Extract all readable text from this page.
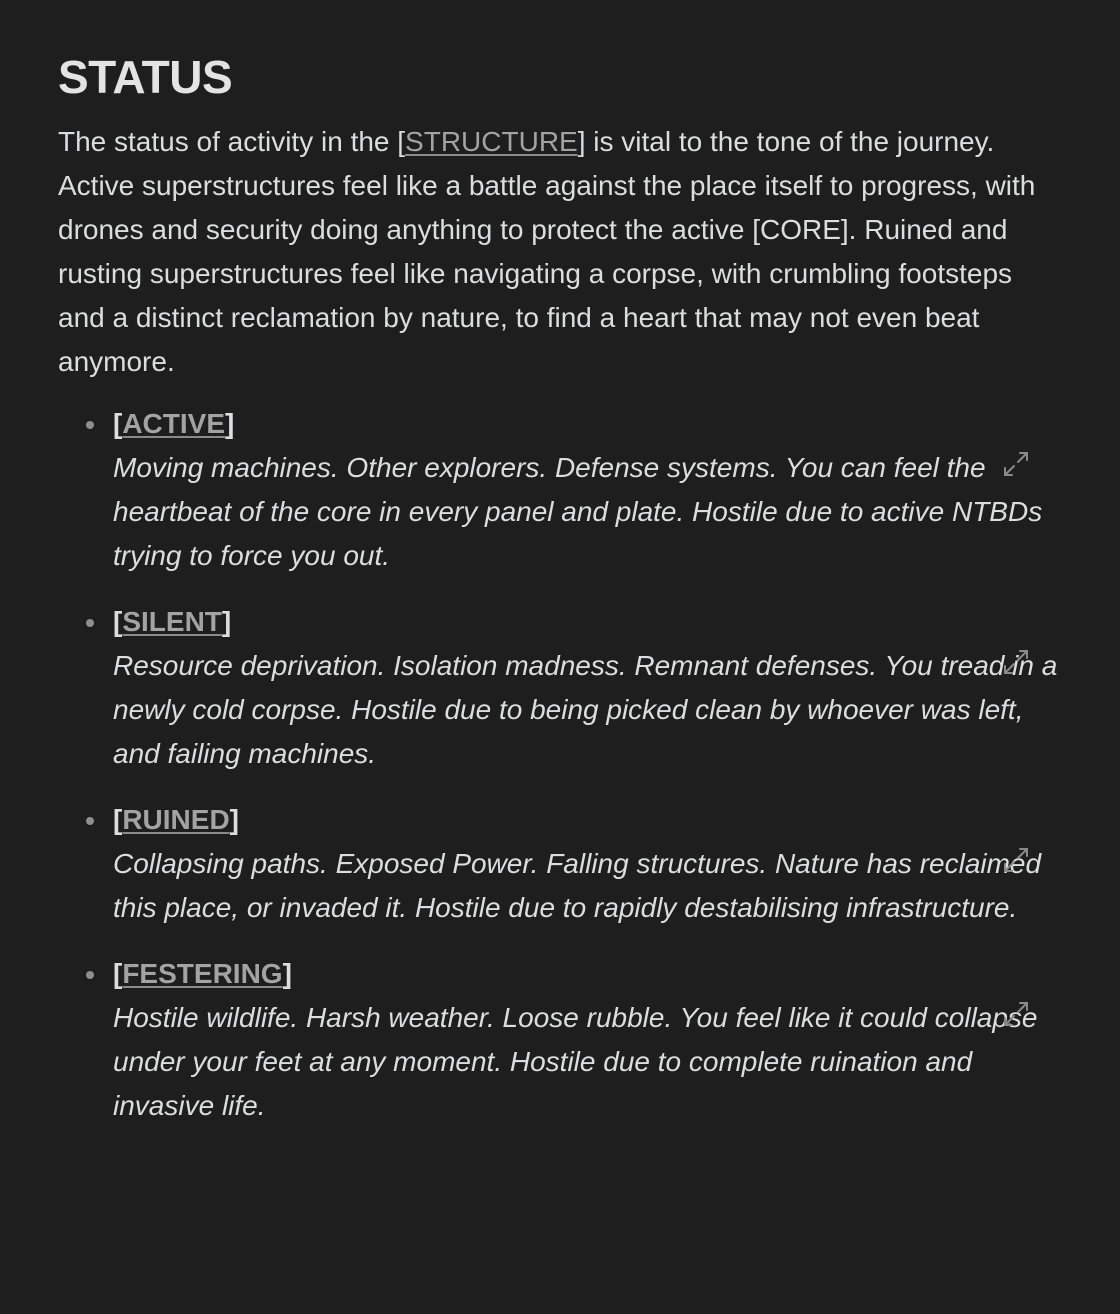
STATUS

The status of activity in the [STRUCTURE] is vital to the tone of the journey. Active superstructures feel like a battle against the place itself to progress, with drones and security doing anything to protect the active [CORE]. Ruined and rusting superstructures feel like navigating a corpse, with crumbling footsteps and a distinct reclamation by nature, to find a heart that may not even beat anymore.

[ACTIVE]
Moving machines. Other explorers. Defense systems. You can feel the heartbeat of the core in every panel and plate. Hostile due to active NTBDs trying to force you out.
[SILENT]
Resource deprivation. Isolation madness. Remnant defenses. You tread in a newly cold corpse. Hostile due to being picked clean by whoever was left, and failing machines.
[RUINED]
Collapsing paths. Exposed Power. Falling structures. Nature has reclaimed this place, or invaded it. Hostile due to rapidly destabilising infrastructure.
[FESTERING]
Hostile wildlife. Harsh weather. Loose rubble. You feel like it could collapse under your feet at any moment. Hostile due to complete ruination and invasive life.
